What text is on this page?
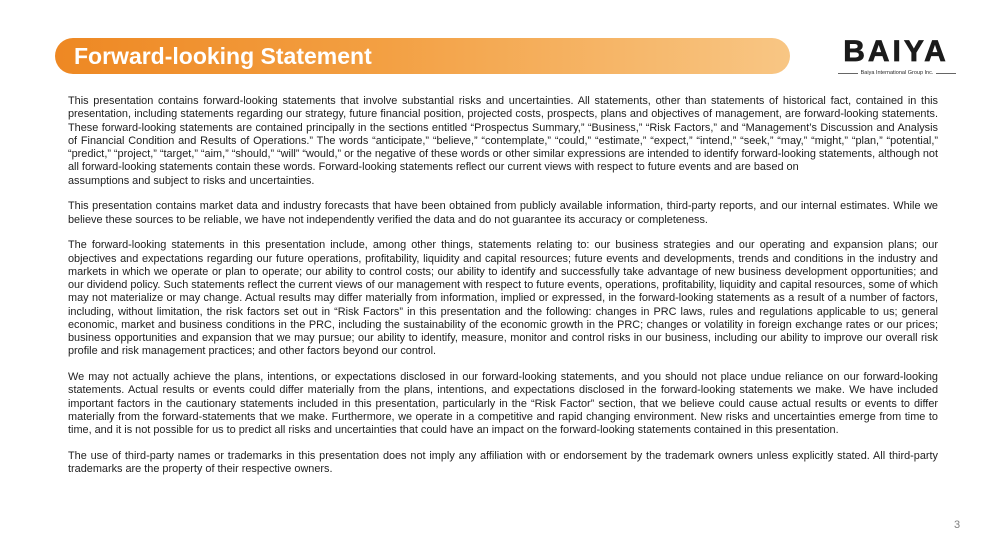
Forward-looking Statement	BAIYA
Baiya International Group Inc.
This presentation contains forward-looking statements that involve substantial risks and uncertainties. All statements, other than statements of historical fact, contained in this
presentation, including statements regarding our strategy, future financial position, projected costs, prospects, plans and objectives of management, are forward-looking statements.
These forward-looking statements are contained principally in the sections entitled “Prospectus Summary,” “Business,” “Risk Factors,” and “Management’s Discussion and Analysis
of Financial Condition and Results of Operations.” The words “anticipate,” “believe,” “contemplate,” “could,” “estimate,” “expect,” “intend,” “seek,” “may,” “might,” “plan,” “potential,”
“predict,” “project,” “target,” “aim,” “should,” “will” “would,” or the negative of these words or other similar expressions are intended to identify forward-looking statements, although not
all forward-looking statements contain these words. Forward-looking statements reflect our current views with respect to future events and are based on
assumptions and subject to risks and uncertainties.
This presentation contains market data and industry forecasts that have been obtained from publicly available information, third-party reports, and our internal estimates. While we
believe these sources to be reliable, we have not independently verified the data and do not guarantee its accuracy or completeness.
The forward-looking statements in this presentation include, among other things, statements relating to: our business strategies and our operating and expansion plans; our
objectives and expectations regarding our future operations, profitability, liquidity and capital resources; future events and developments, trends and conditions in the industry and
markets in which we operate or plan to operate; our ability to control costs; our ability to identify and successfully take advantage of new business development opportunities; and
our dividend policy. Such statements reflect the current views of our management with respect to future events, operations, profitability, liquidity and capital resources, some of which
may not materialize or may change. Actual results may differ materially from information, implied or expressed, in the forward-looking statements as a result of a number of factors,
including, without limitation, the risk factors set out in “Risk Factors” in this presentation and the following: changes in PRC laws, rules and regulations applicable to us; general
economic, market and business conditions in the PRC, including the sustainability of the economic growth in the PRC; changes or volatility in foreign exchange rates or our prices;
business opportunities and expansion that we may pursue; our ability to identify, measure, monitor and control risks in our business, including our ability to improve our overall risk
profile and risk management practices; and other factors beyond our control.
We may not actually achieve the plans, intentions, or expectations disclosed in our forward-looking statements, and you should not place undue reliance on our forward-looking
statements. Actual results or events could differ materially from the plans, intentions, and expectations disclosed in the forward-looking statements we make. We have included
important factors in the cautionary statements included in this presentation, particularly in the “Risk Factor” section, that we believe could cause actual results or events to differ
materially from the forward-statements that we make. Furthermore, we operate in a competitive and rapid changing environment. New risks and uncertainties emerge from time to
time, and it is not possible for us to predict all risks and uncertainties that could have an impact on the forward-looking statements contained in this presentation.
The use of third-party names or trademarks in this presentation does not imply any affiliation with or endorsement by the trademark owners unless explicitly stated. All third-party
trademarks are the property of their respective owners.
3
